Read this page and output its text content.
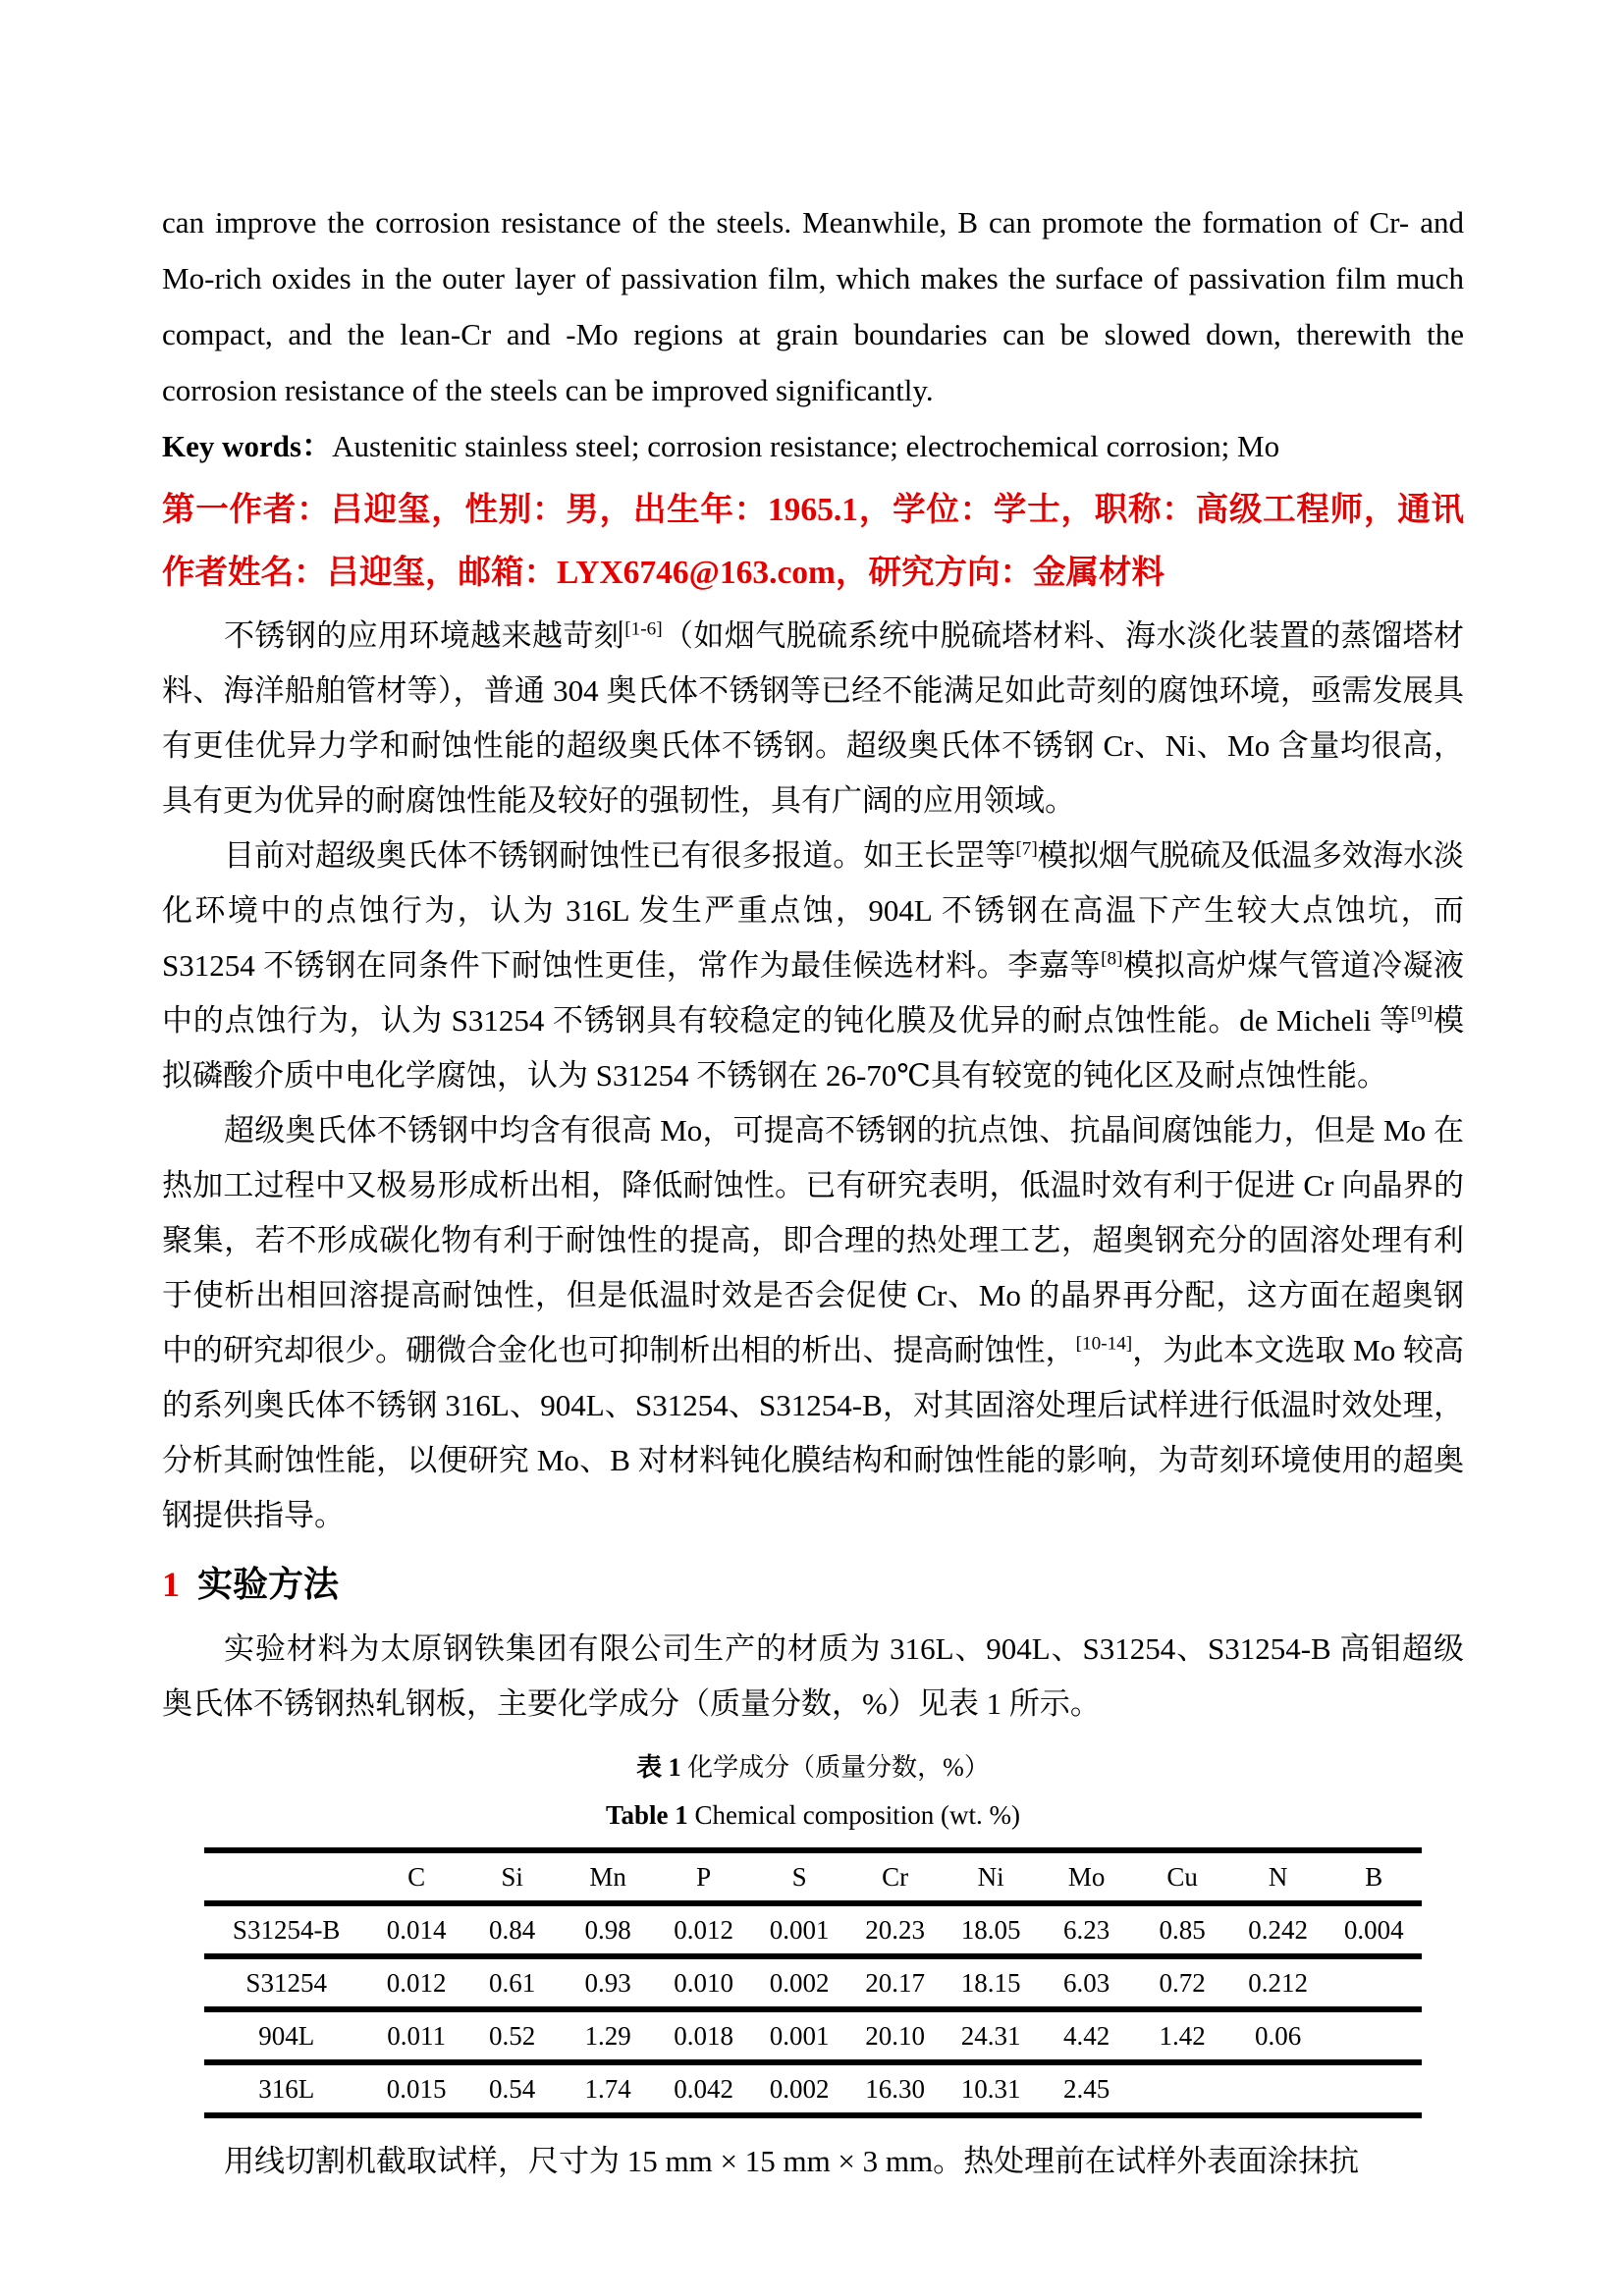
can improve the corrosion resistance of the steels. Meanwhile, B can promote the formation of Cr- and Mo-rich oxides in the outer layer of passivation film, which makes the surface of passivation film much compact, and the lean-Cr and -Mo regions at grain boundaries can be slowed down, therewith the corrosion resistance of the steels can be improved significantly.

Key words：Austenitic stainless steel; corrosion resistance; electrochemical corrosion; Mo

第一作者：吕迎玺，性别：男，出生年：1965.1，学位：学士，职称：高级工程师，通讯作者姓名：吕迎玺，邮箱：LYX6746@163.com，研究方向：金属材料

不锈钢的应用环境越来越苛刻[1-6]（如烟气脱硫系统中脱硫塔材料、海水淡化装置的蒸馏塔材料、海洋船舶管材等），普通 304 奥氏体不锈钢等已经不能满足如此苛刻的腐蚀环境，亟需发展具有更佳优异力学和耐蚀性能的超级奥氏体不锈钢。超级奥氏体不锈钢 Cr、Ni、Mo 含量均很高，具有更为优异的耐腐蚀性能及较好的强韧性，具有广阔的应用领域。

目前对超级奥氏体不锈钢耐蚀性已有很多报道。如王长罡等[7]模拟烟气脱硫及低温多效海水淡化环境中的点蚀行为，认为 316L 发生严重点蚀，904L 不锈钢在高温下产生较大点蚀坑，而 S31254 不锈钢在同条件下耐蚀性更佳，常作为最佳候选材料。李嘉等[8]模拟高炉煤气管道冷凝液中的点蚀行为，认为 S31254 不锈钢具有较稳定的钝化膜及优异的耐点蚀性能。de Micheli 等[9]模拟磷酸介质中电化学腐蚀，认为 S31254 不锈钢在 26-70℃具有较宽的钝化区及耐点蚀性能。

超级奥氏体不锈钢中均含有很高 Mo，可提高不锈钢的抗点蚀、抗晶间腐蚀能力，但是 Mo 在热加工过程中又极易形成析出相，降低耐蚀性。已有研究表明，低温时效有利于促进 Cr 向晶界的聚集，若不形成碳化物有利于耐蚀性的提高，即合理的热处理工艺，超奥钢充分的固溶处理有利于使析出相回溶提高耐蚀性，但是低温时效是否会促使 Cr、Mo 的晶界再分配，这方面在超奥钢中的研究却很少。硼微合金化也可抑制析出相的析出、提高耐蚀性，[10-14]，为此本文选取 Mo 较高的系列奥氏体不锈钢 316L、904L、S31254、S31254-B，对其固溶处理后试样进行低温时效处理，分析其耐蚀性能，以便研究 Mo、B 对材料钝化膜结构和耐蚀性能的影响，为苛刻环境使用的超奥钢提供指导。

1 实验方法

实验材料为太原钢铁集团有限公司生产的材质为 316L、904L、S31254、S31254-B 高钼超级奥氏体不锈钢热轧钢板，主要化学成分（质量分数，%）见表 1 所示。

表 1 化学成分（质量分数，%）

Table 1 Chemical composition (wt. %)

	C	Si	Mn	P	S	Cr	Ni	Mo	Cu	N	B
S31254-B	0.014	0.84	0.98	0.012	0.001	20.23	18.05	6.23	0.85	0.242	0.004
S31254	0.012	0.61	0.93	0.010	0.002	20.17	18.15	6.03	0.72	0.212	
904L	0.011	0.52	1.29	0.018	0.001	20.10	24.31	4.42	1.42	0.06	
316L	0.015	0.54	1.74	0.042	0.002	16.30	10.31	2.45			

用线切割机截取试样，尺寸为 15 mm × 15 mm × 3 mm。热处理前在试样外表面涂抹抗
